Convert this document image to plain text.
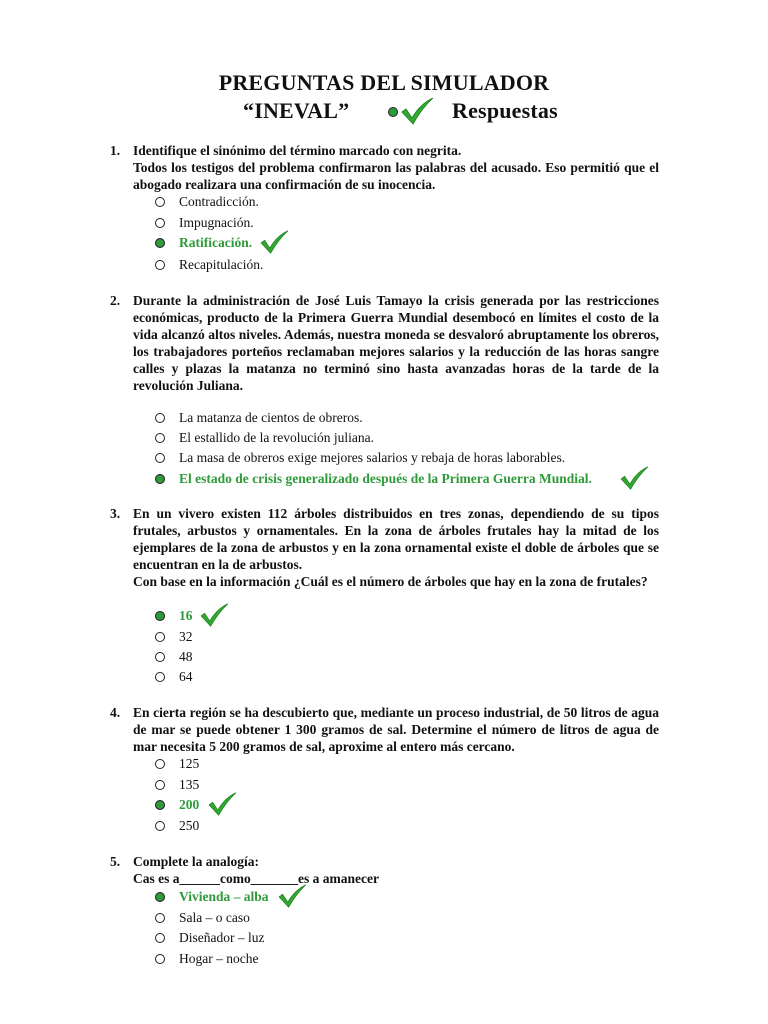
PREGUNTAS DEL SIMULADOR
“INEVAL”	Respuestas
1. Identifique el sinónimo del término marcado con negrita.

Todos los testigos del problema confirmaron las palabras del acusado. Eso permitió que el abogado realizara una confirmación de su inocencia.

Contradicción.
Impugnación.
Ratificación.
Recapitulación.
2. Durante la administración de José Luis Tamayo la crisis generada por las restricciones económicas, producto de la Primera Guerra Mundial desembocó en límites el costo de la vida alcanzó altos niveles. Además, nuestra moneda se desvaloró abruptamente los obreros, los trabajadores porteños reclamaban mejores salarios y la reducción de las horas sangre calles y plazas la matanza no terminó sino hasta avanzadas horas de la tarde de la revolución Juliana.

La matanza de cientos de obreros.
El estallido de la revolución juliana.
La masa de obreros exige mejores salarios y rebaja de horas laborables.
El estado de crisis generalizado después de la Primera Guerra Mundial.
3. En un vivero existen 112 árboles distribuidos en tres zonas, dependiendo de su tipos frutales, arbustos y ornamentales. En la zona de árboles frutales hay la mitad de los ejemplares de la zona de arbustos y en la zona ornamental existe el doble de árboles que se encuentran en la de arbustos.

Con base en la información ¿Cuál es el número de árboles que hay en la zona de frutales?

16
32
48
64
4. En cierta región se ha descubierto que, mediante un proceso industrial, de 50 litros de agua de mar se puede obtener 1 300 gramos de sal. Determine el número de litros de agua de mar necesita 5 200 gramos de sal, aproxime al entero más cercano.

125
135
200
250
5. Complete la analogía:

Cas es a______como_______es a amanecer

Vivienda – alba
Sala – o caso
Diseñador – luz
Hogar – noche
